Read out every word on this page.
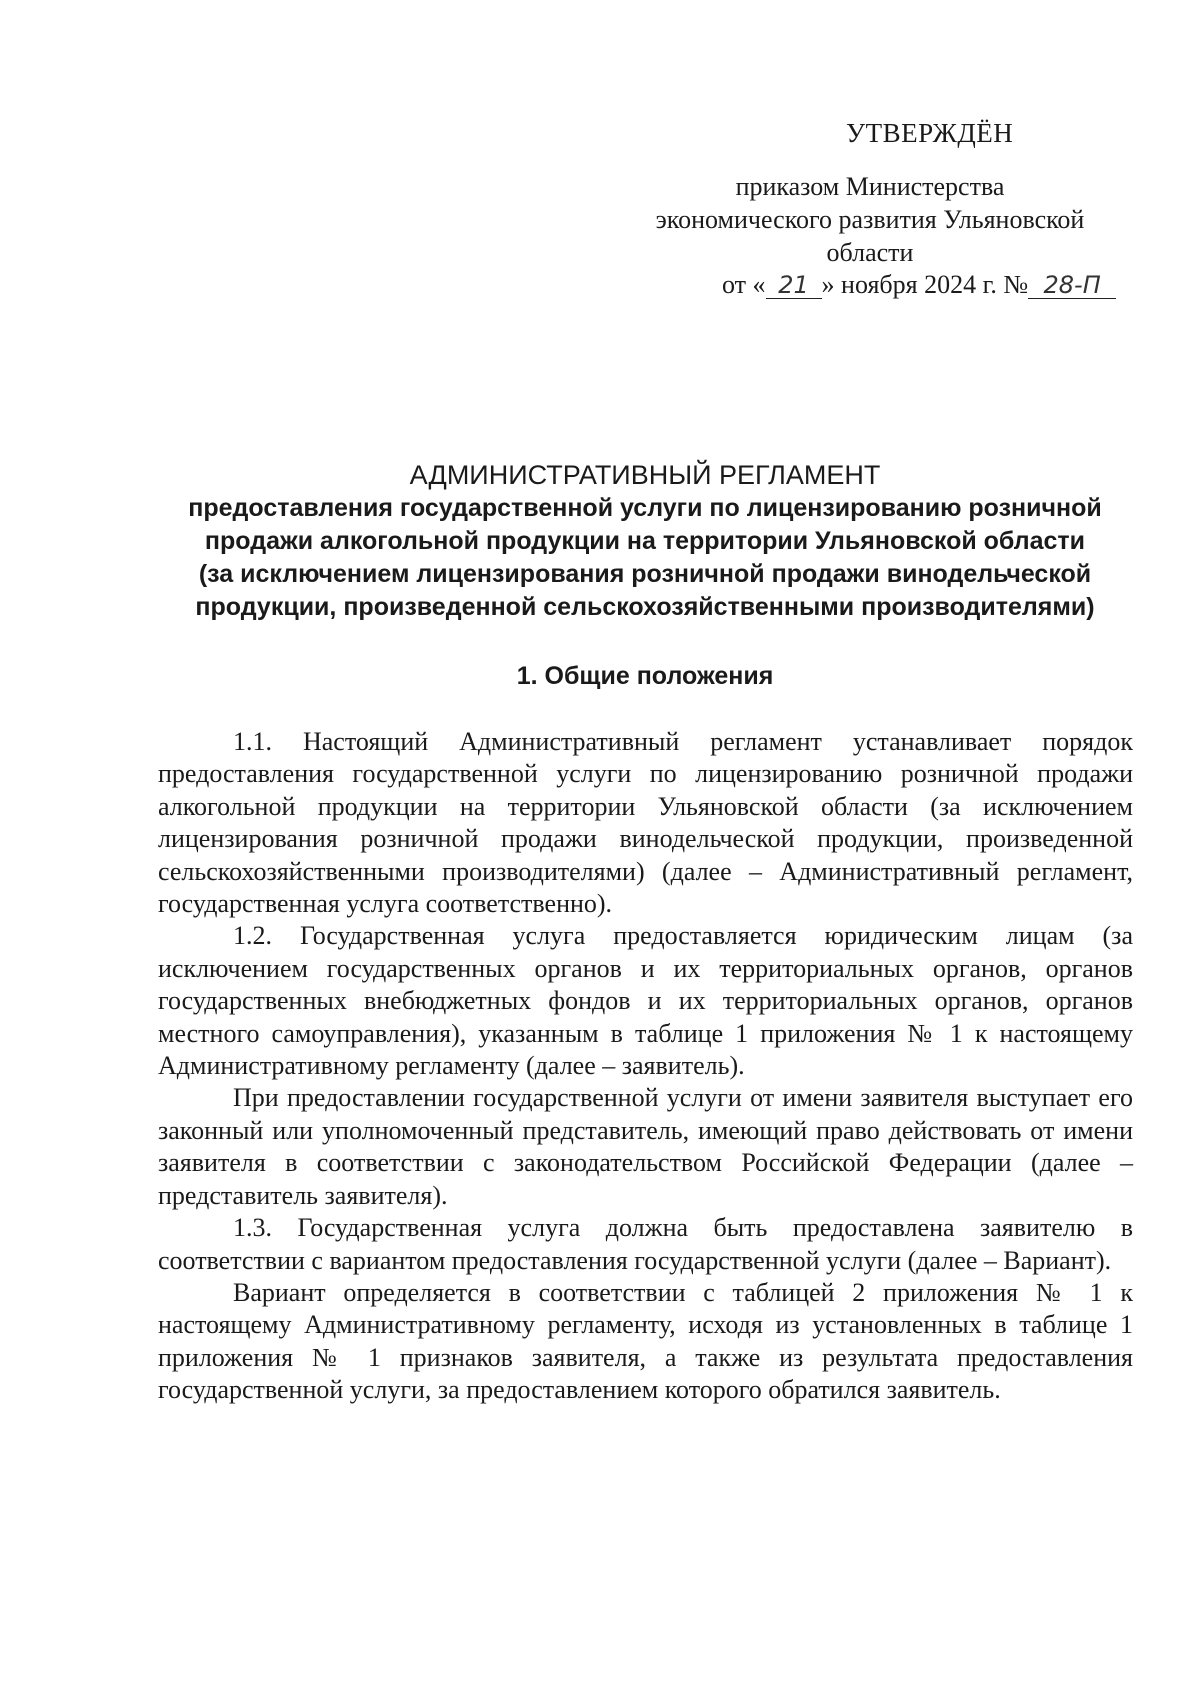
УТВЕРЖДЁН
приказом Министерства
экономического развития Ульяновской
области
от « 21 » ноября 2024 г. № 28-П
АДМИНИСТРАТИВНЫЙ РЕГЛАМЕНТ
предоставления государственной услуги по лицензированию розничной
продажи алкогольной продукции на территории Ульяновской области
(за исключением лицензирования розничной продажи винодельческой
продукции, произведенной сельскохозяйственными производителями)
1. Общие положения

1.1. Настоящий Административный регламент устанавливает порядок предоставления государственной услуги по лицензированию розничной продажи алкогольной продукции на территории Ульяновской области (за исключением лицензирования розничной продажи винодельческой продукции, произведенной сельскохозяйственными производителями) (далее – Административный регламент, государственная услуга соответственно).

1.2. Государственная услуга предоставляется юридическим лицам (за исключением государственных органов и их территориальных органов, органов государственных внебюджетных фондов и их территориальных органов, органов местного самоуправления), указанным в таблице 1 приложения № 1 к настоящему Административному регламенту (далее – заявитель).

При предоставлении государственной услуги от имени заявителя выступает его законный или уполномоченный представитель, имеющий право действовать от имени заявителя в соответствии с законодательством Российской Федерации (далее – представитель заявителя).

1.3. Государственная услуга должна быть предоставлена заявителю в соответствии с вариантом предоставления государственной услуги (далее – Вариант).

Вариант определяется в соответствии с таблицей 2 приложения № 1 к настоящему Административному регламенту, исходя из установленных в таблице 1 приложения № 1 признаков заявителя, а также из результата предоставления государственной услуги, за предоставлением которого обратился заявитель.
